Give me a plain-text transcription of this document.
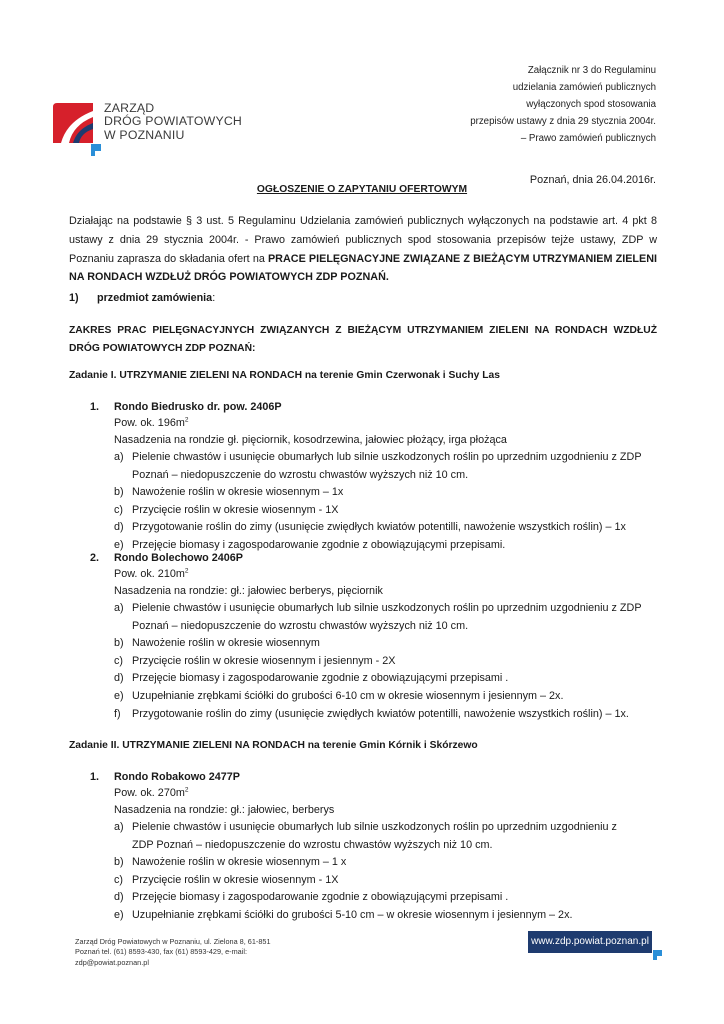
ZARZĄD
DRÓG POWIATOWYCH
W POZNANIU
Załącznik nr 3 do Regulaminu
udzielania zamówień publicznych
wyłączonych spod stosowania
przepisów ustawy z dnia 29 stycznia 2004r.
– Prawo zamówień publicznych
Poznań, dnia 26.04.2016r.
OGŁOSZENIE O ZAPYTANIU OFERTOWYM
Działając na podstawie § 3 ust. 5 Regulaminu Udzielania zamówień publicznych wyłączonych na podstawie art. 4 pkt 8 ustawy z dnia 29 stycznia 2004r. - Prawo zamówień publicznych spod stosowania przepisów tejże ustawy, ZDP w Poznaniu zaprasza do składania ofert na PRACE PIELĘGNACYJNE ZWIĄZANE Z BIEŻĄCYM UTRZYMANIEM ZIELENI NA RONDACH WZDŁUŻ DRÓG POWIATOWYCH ZDP POZNAŃ.
1) przedmiot zamówienia:
ZAKRES PRAC PIELĘGNACYJNYCH ZWIĄZANYCH Z BIEŻĄCYM UTRZYMANIEM ZIELENI NA RONDACH WZDŁUŻ DRÓG POWIATOWYCH ZDP POZNAŃ:
Zadanie I. UTRZYMANIE ZIELENI NA RONDACH na terenie Gmin Czerwonak i Suchy Las
1. Rondo Biedrusko dr. pow. 2406P
Pow. ok. $196m^2$
Nasadzenia na rondzie gł. pięciornik, kosodrzewina, jałowiec płożący, irga płożąca
a) Pielenie chwastów i usunięcie obumarłych lub silnie uszkodzonych roślin po uprzednim uzgodnieniu z ZDP
Poznań – niedopuszczenie do wzrostu chwastów wyższych niż 10 cm.
b) Nawożenie roślin w okresie wiosennym – 1x
c) Przycięcie roślin w okresie wiosennym - 1X
d) Przygotowanie roślin do zimy (usunięcie zwiędłych kwiatów potentilli, nawożenie wszystkich roślin) – 1x
e) Przejęcie biomasy i zagospodarowanie zgodnie z obowiązującymi przepisami.
2. Rondo Bolechowo 2406P
Pow. ok. $210m^2$
Nasadzenia na rondzie: gł.: jałowiec berberys, pięciornik
a) Pielenie chwastów i usunięcie obumarłych lub silnie uszkodzonych roślin po uprzednim uzgodnieniu z ZDP
Poznań – niedopuszczenie do wzrostu chwastów wyższych niż 10 cm.
b) Nawożenie roślin w okresie wiosennym
c) Przycięcie roślin w okresie wiosennym i jesiennym - 2X
d) Przejęcie biomasy i zagospodarowanie zgodnie z obowiązującymi przepisami .
e) Uzupełnianie zrębkami ściółki do grubości 6-10 cm w okresie wiosennym i jesiennym – 2x.
f) Przygotowanie roślin do zimy (usunięcie zwiędłych kwiatów potentilli, nawożenie wszystkich roślin) – 1x.
Zadanie II. UTRZYMANIE ZIELENI NA RONDACH na terenie Gmin Kórnik i Skórzewo
1. Rondo Robakowo 2477P
Pow. ok. $270m^2$
Nasadzenia na rondzie: gł.: jałowiec, berberys
a) Pielenie chwastów i usunięcie obumarłych lub silnie uszkodzonych roślin po uprzednim uzgodnieniu z
ZDP Poznań – niedopuszczenie do wzrostu chwastów wyższych niż 10 cm.
b) Nawożenie roślin w okresie wiosennym – 1 x
c) Przycięcie roślin w okresie wiosennym - 1X
d) Przejęcie biomasy i zagospodarowanie zgodnie z obowiązującymi przepisami .
e) Uzupełnianie zrębkami ściółki do grubości 5-10 cm – w okresie wiosennym i jesiennym – 2x.
Zarząd Dróg Powiatowych w Poznaniu, ul. Zielona 8, 61-851
Poznań tel. (61) 8593-430, fax (61) 8593-429, e-mail:
zdp@powiat.poznan.pl
www.zdp.powiat.poznan.pl
